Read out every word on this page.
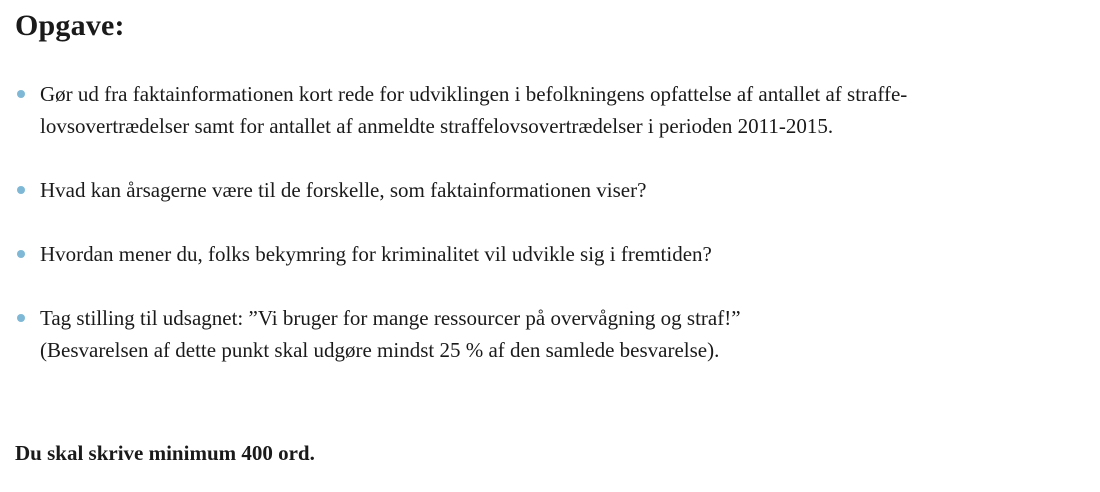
Opgave:
Gør ud fra faktainformationen kort rede for udviklingen i befolkningens opfattelse af antallet af straffe-
lovsovertrædelser samt for antallet af anmeldte straffelovsovertrædelser i perioden 2011-2015.
Hvad kan årsagerne være til de forskelle, som faktainformationen viser?
Hvordan mener du, folks bekymring for kriminalitet vil udvikle sig i fremtiden?
Tag stilling til udsagnet: ”Vi bruger for mange ressourcer på overvågning og straf!”
(Besvarelsen af dette punkt skal udgøre mindst 25 % af den samlede besvarelse).

Du skal skrive minimum 400 ord.
